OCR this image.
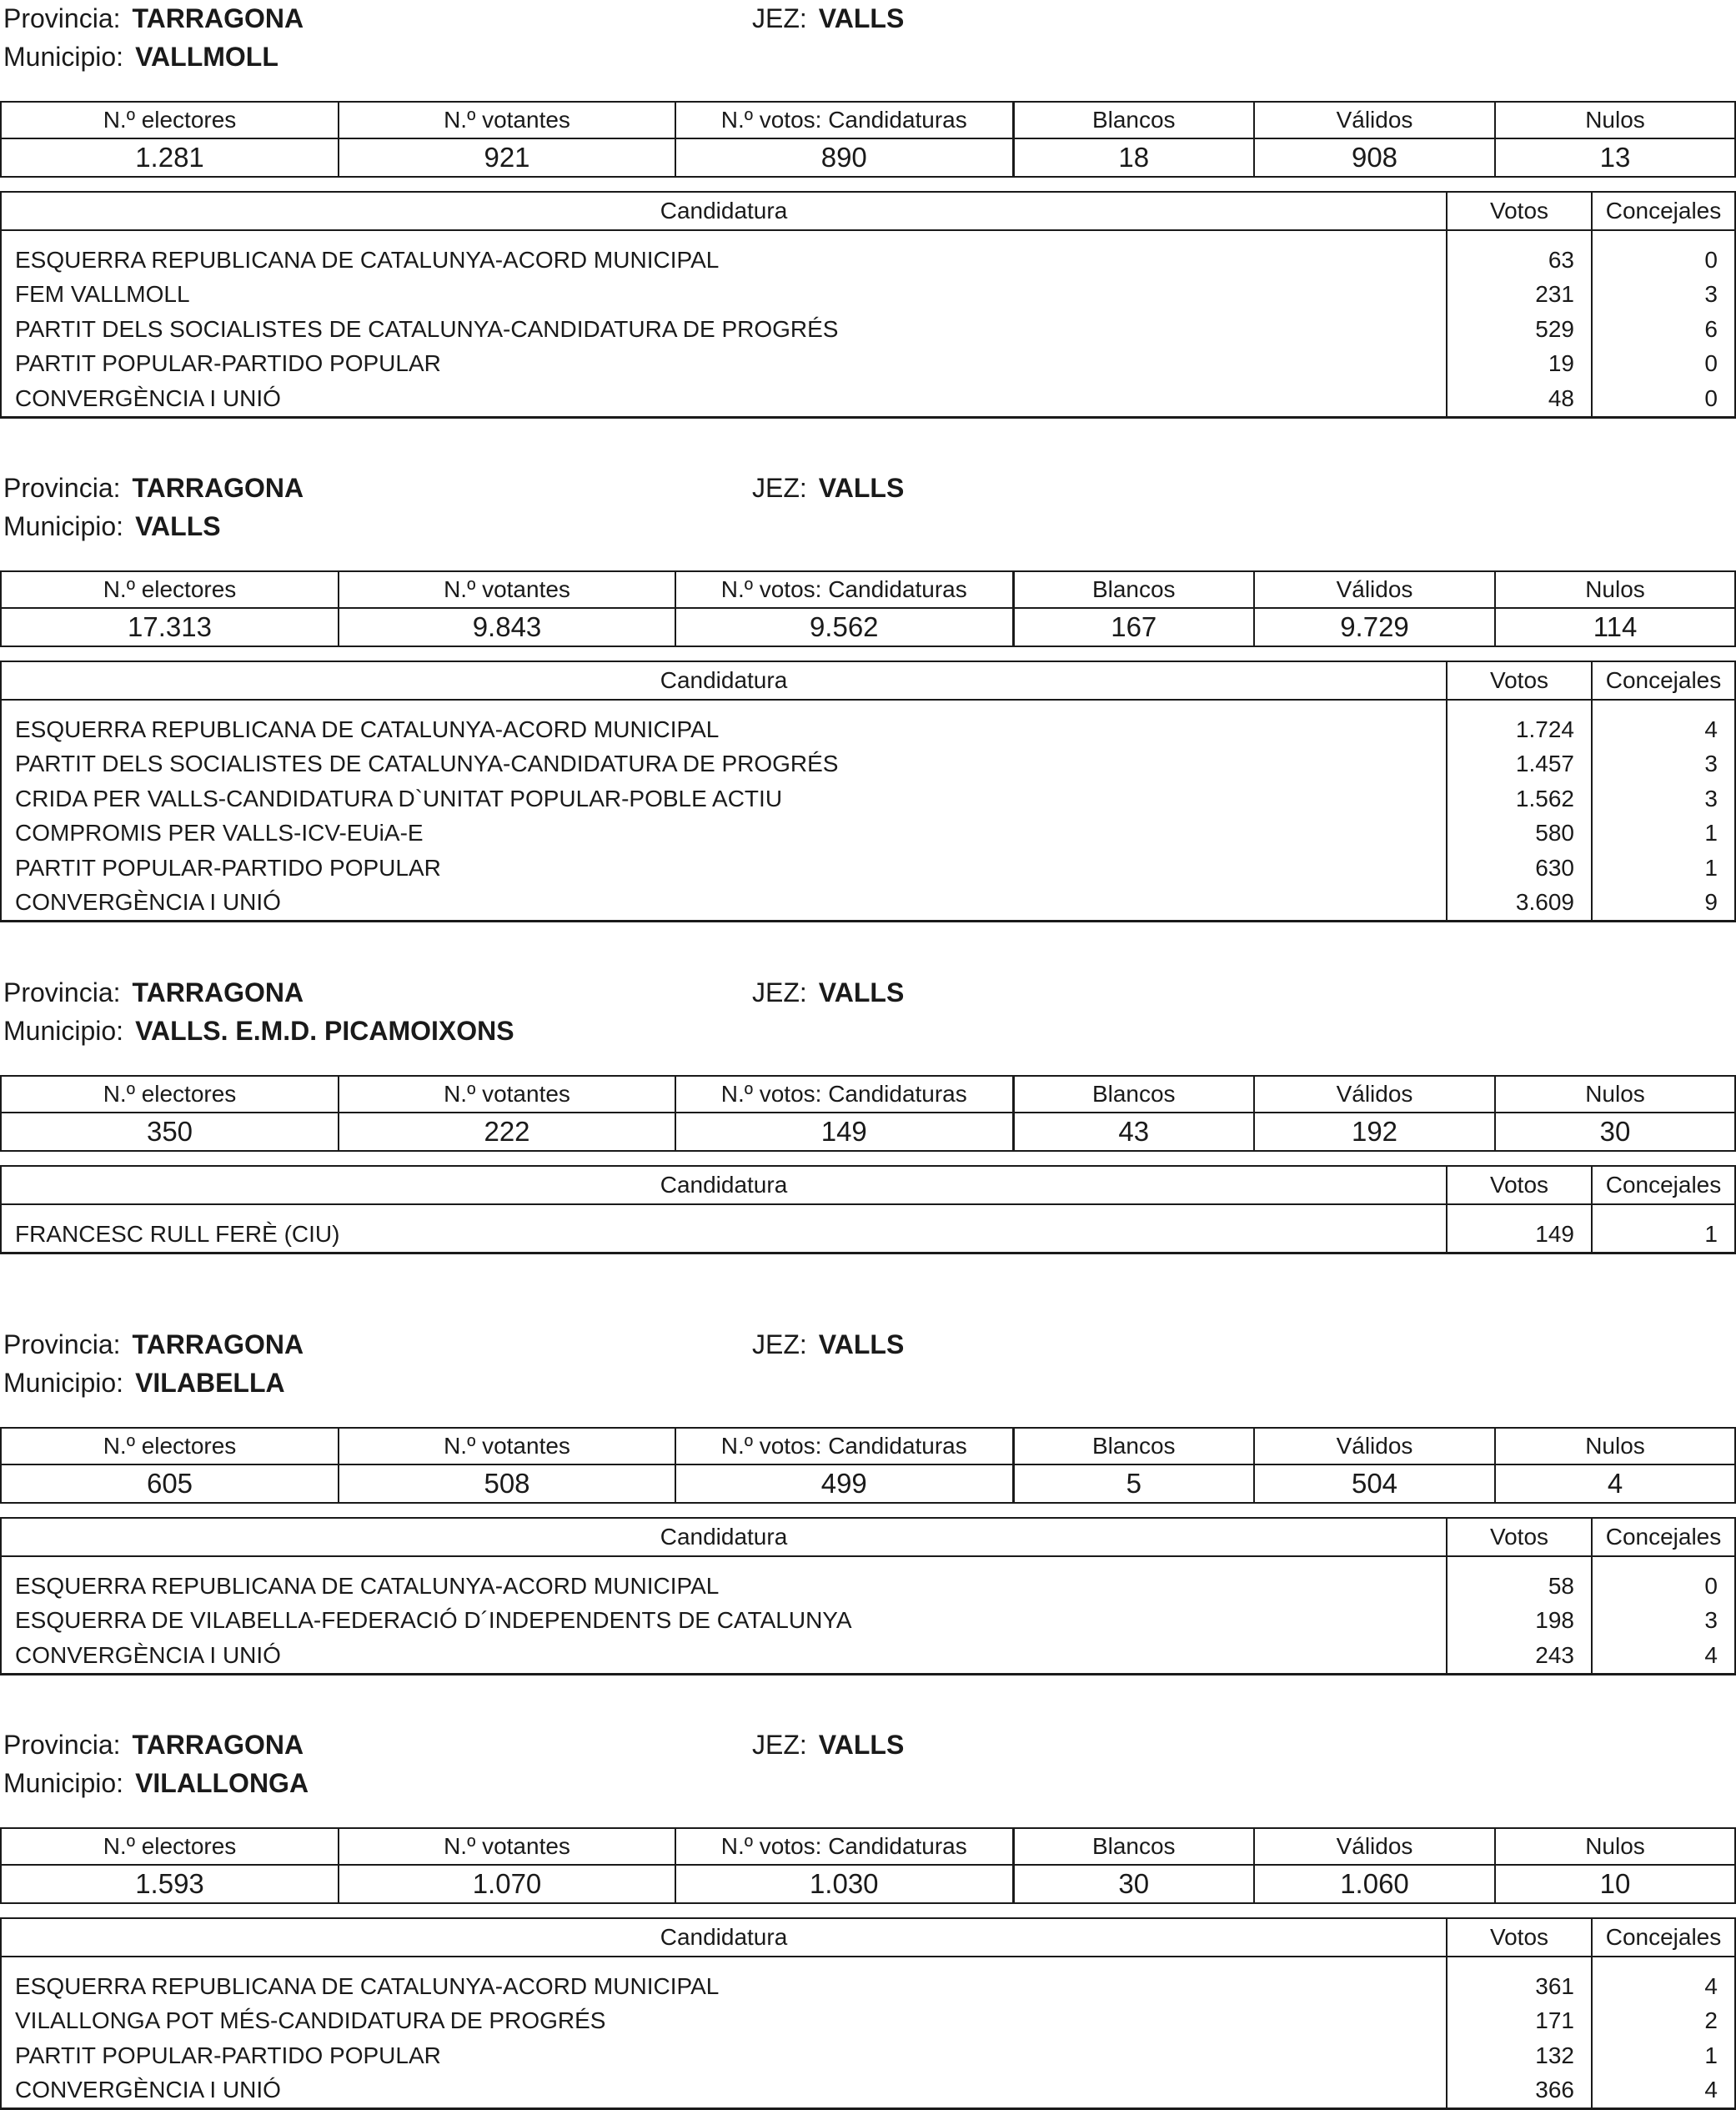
Provincia: TARRAGONA	JEZ: VALLS
Municipio: VALLMOLL
N.º electores	N.º votantes	N.º votos: Candidaturas	Blancos	Válidos	Nulos
1.281	921	890	18	908	13
Candidatura	Votos	Concejales

ESQUERRA REPUBLICANA DE CATALUNYA-ACORD MUNICIPAL	63	0
FEM VALLMOLL	231	3
PARTIT DELS SOCIALISTES DE CATALUNYA-CANDIDATURA DE PROGRÉS	529	6
PARTIT POPULAR-PARTIDO POPULAR	19	0
CONVERGÈNCIA I UNIÓ	48	0
Provincia: TARRAGONA	JEZ: VALLS
Municipio: VALLS
N.º electores	N.º votantes	N.º votos: Candidaturas	Blancos	Válidos	Nulos
17.313	9.843	9.562	167	9.729	114
Candidatura	Votos	Concejales

ESQUERRA REPUBLICANA DE CATALUNYA-ACORD MUNICIPAL	1.724	4
PARTIT DELS SOCIALISTES DE CATALUNYA-CANDIDATURA DE PROGRÉS	1.457	3
CRIDA PER VALLS-CANDIDATURA D`UNITAT POPULAR-POBLE ACTIU	1.562	3
COMPROMIS PER VALLS-ICV-EUiA-E	580	1
PARTIT POPULAR-PARTIDO POPULAR	630	1
CONVERGÈNCIA I UNIÓ	3.609	9
Provincia: TARRAGONA	JEZ: VALLS
Municipio: VALLS. E.M.D. PICAMOIXONS
N.º electores	N.º votantes	N.º votos: Candidaturas	Blancos	Válidos	Nulos
350	222	149	43	192	30
Candidatura	Votos	Concejales

FRANCESC RULL FERÈ (CIU)	149	1
Provincia: TARRAGONA	JEZ: VALLS
Municipio: VILABELLA
N.º electores	N.º votantes	N.º votos: Candidaturas	Blancos	Válidos	Nulos
605	508	499	5	504	4
Candidatura	Votos	Concejales

ESQUERRA REPUBLICANA DE CATALUNYA-ACORD MUNICIPAL	58	0
ESQUERRA DE VILABELLA-FEDERACIÓ D´INDEPENDENTS DE CATALUNYA	198	3
CONVERGÈNCIA I UNIÓ	243	4
Provincia: TARRAGONA	JEZ: VALLS
Municipio: VILALLONGA
N.º electores	N.º votantes	N.º votos: Candidaturas	Blancos	Válidos	Nulos
1.593	1.070	1.030	30	1.060	10
Candidatura	Votos	Concejales

ESQUERRA REPUBLICANA DE CATALUNYA-ACORD MUNICIPAL	361	4
VILALLONGA POT MÉS-CANDIDATURA DE PROGRÉS	171	2
PARTIT POPULAR-PARTIDO POPULAR	132	1
CONVERGÈNCIA I UNIÓ	366	4
